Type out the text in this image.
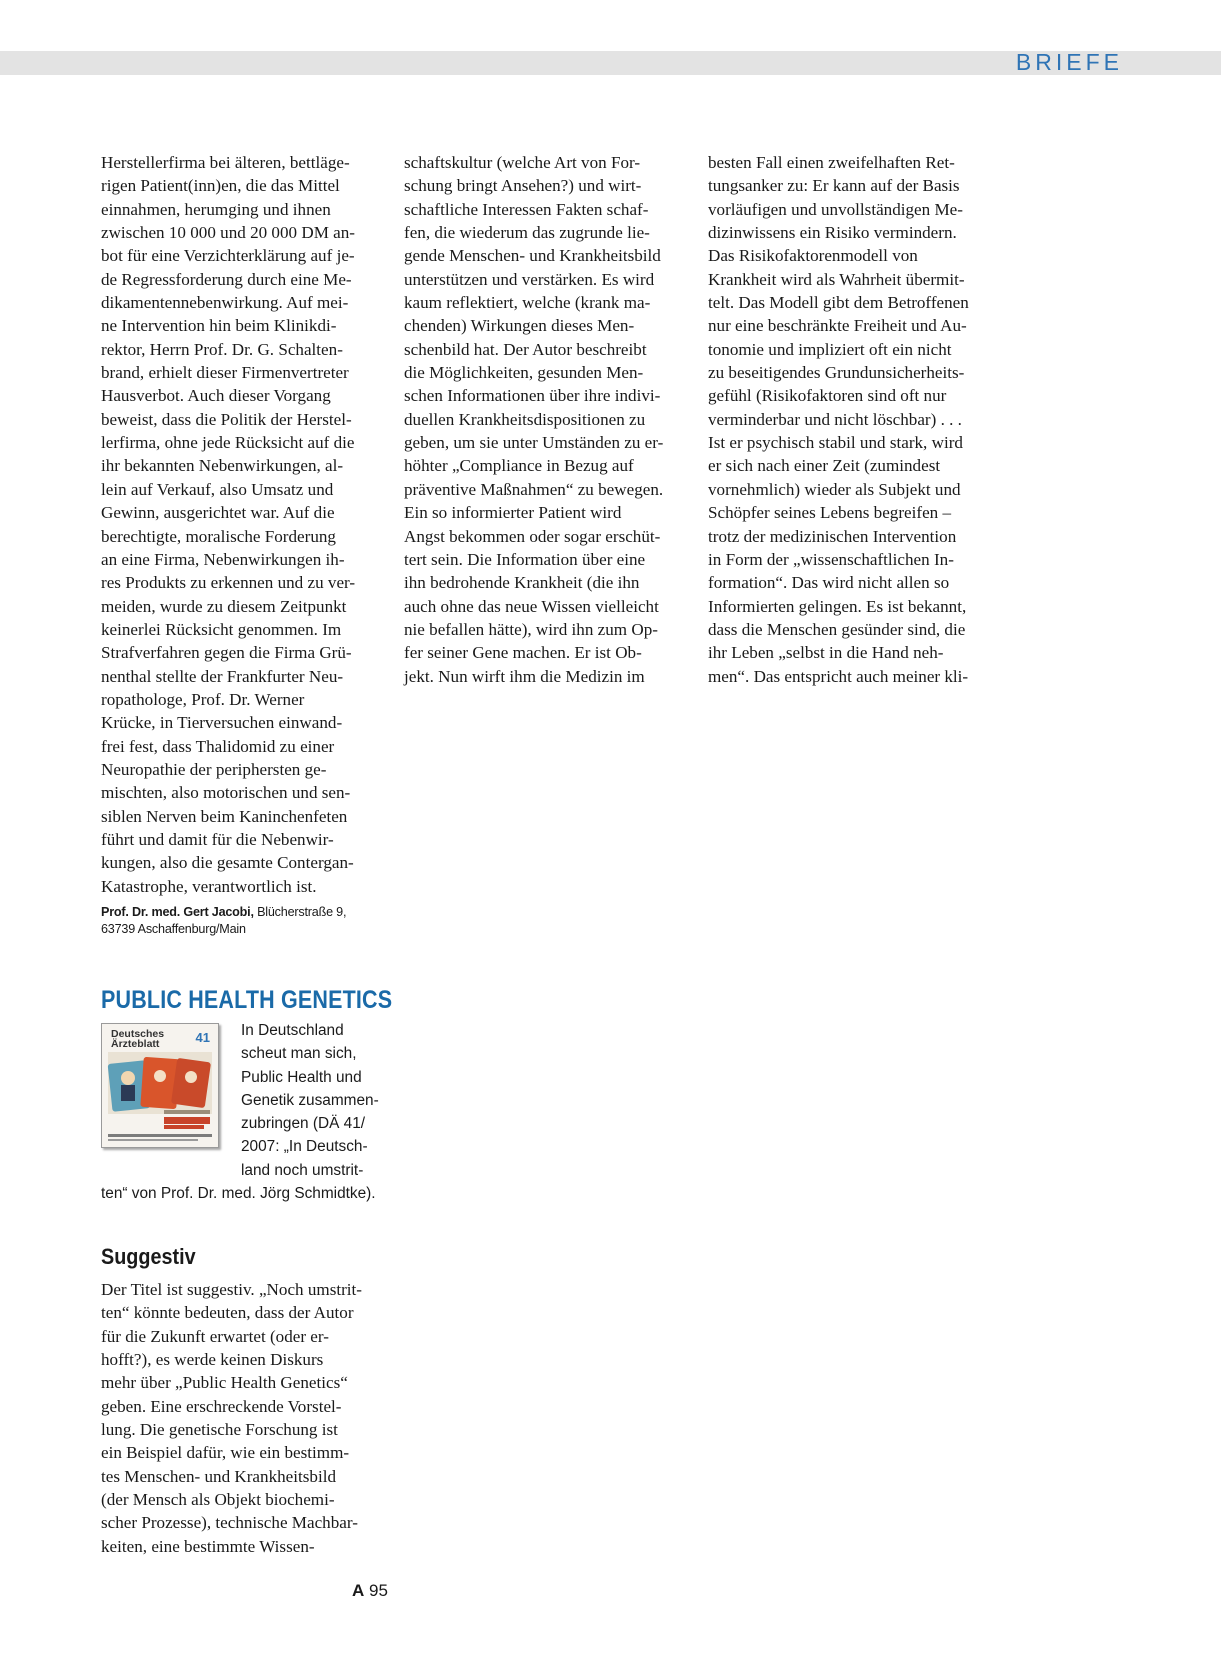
BRIEFE

Herstellerfirma bei älteren, bettläge-
rigen Patient(inn)en, die das Mittel
einnahmen, herumging und ihnen
zwischen 10 000 und 20 000 DM an-
bot für eine Verzichterklärung auf je-
de Regressforderung durch eine Me-
dikamentennebenwirkung. Auf mei-
ne Intervention hin beim Klinikdi-
rektor, Herrn Prof. Dr. G. Schalten-
brand, erhielt dieser Firmenvertreter
Hausverbot. Auch dieser Vorgang
beweist, dass die Politik der Herstel-
lerfirma, ohne jede Rücksicht auf die
ihr bekannten Nebenwirkungen, al-
lein auf Verkauf, also Umsatz und
Gewinn, ausgerichtet war. Auf die
berechtigte, moralische Forderung
an eine Firma, Nebenwirkungen ih-
res Produkts zu erkennen und zu ver-
meiden, wurde zu diesem Zeitpunkt
keinerlei Rücksicht genommen. Im
Strafverfahren gegen die Firma Grü-
nenthal stellte der Frankfurter Neu-
ropathologe, Prof. Dr. Werner
Krücke, in Tierversuchen einwand-
frei fest, dass Thalidomid zu einer
Neuropathie der periphersten ge-
mischten, also motorischen und sen-
siblen Nerven beim Kaninchenfeten
führt und damit für die Nebenwir-
kungen, also die gesamte Contergan-
Katastrophe, verantwortlich ist.

Prof. Dr. med. Gert Jacobi, Blücherstraße 9,
63739 Aschaffenburg/Main

schaftskultur (welche Art von For-
schung bringt Ansehen?) und wirt-
schaftliche Interessen Fakten schaf-
fen, die wiederum das zugrunde lie-
gende Menschen- und Krankheitsbild
unterstützen und verstärken. Es wird
kaum reflektiert, welche (krank ma-
chenden) Wirkungen dieses Men-
schenbild hat. Der Autor beschreibt
die Möglichkeiten, gesunden Men-
schen Informationen über ihre indivi-
duellen Krankheitsdispositionen zu
geben, um sie unter Umständen zu er-
höhter „Compliance in Bezug auf
präventive Maßnahmen“ zu bewegen.
Ein so informierter Patient wird
Angst bekommen oder sogar erschüt-
tert sein. Die Information über eine
ihn bedrohende Krankheit (die ihn
auch ohne das neue Wissen vielleicht
nie befallen hätte), wird ihn zum Op-
fer seiner Gene machen. Er ist Ob-
jekt. Nun wirft ihm die Medizin im

besten Fall einen zweifelhaften Ret-
tungsanker zu: Er kann auf der Basis
vorläufigen und unvollständigen Me-
dizinwissens ein Risiko vermindern.
Das Risikofaktorenmodell von
Krankheit wird als Wahrheit übermit-
telt. Das Modell gibt dem Betroffenen
nur eine beschränkte Freiheit und Au-
tonomie und impliziert oft ein nicht
zu beseitigendes Grundunsicherheits-
gefühl (Risikofaktoren sind oft nur
verminderbar und nicht löschbar) . . .
Ist er psychisch stabil und stark, wird
er sich nach einer Zeit (zumindest
vornehmlich) wieder als Subjekt und
Schöpfer seines Lebens begreifen –
trotz der medizinischen Intervention
in Form der „wissenschaftlichen In-
formation“. Das wird nicht allen so
Informierten gelingen. Es ist bekannt,
dass die Menschen gesünder sind, die
ihr Leben „selbst in die Hand neh-
men“. Das entspricht auch meiner kli-

PUBLIC HEALTH GENETICS
In Deutschland
scheut man sich,
Public Health und
Genetik zusammen-
zubringen (DÄ 41/
2007: „In Deutsch-
land noch umstrit-
ten“ von Prof. Dr. med. Jörg Schmidtke).
Deutsches
Ärzteblatt	41
Suggestiv

Der Titel ist suggestiv. „Noch umstrit-
ten“ könnte bedeuten, dass der Autor
für die Zukunft erwartet (oder er-
hofft?), es werde keinen Diskurs
mehr über „Public Health Genetics“
geben. Eine erschreckende Vorstel-
lung. Die genetische Forschung ist
ein Beispiel dafür, wie ein bestimm-
tes Menschen- und Krankheitsbild
(der Mensch als Objekt biochemi-
scher Prozesse), technische Machbar-
keiten, eine bestimmte Wissen-

A 95
